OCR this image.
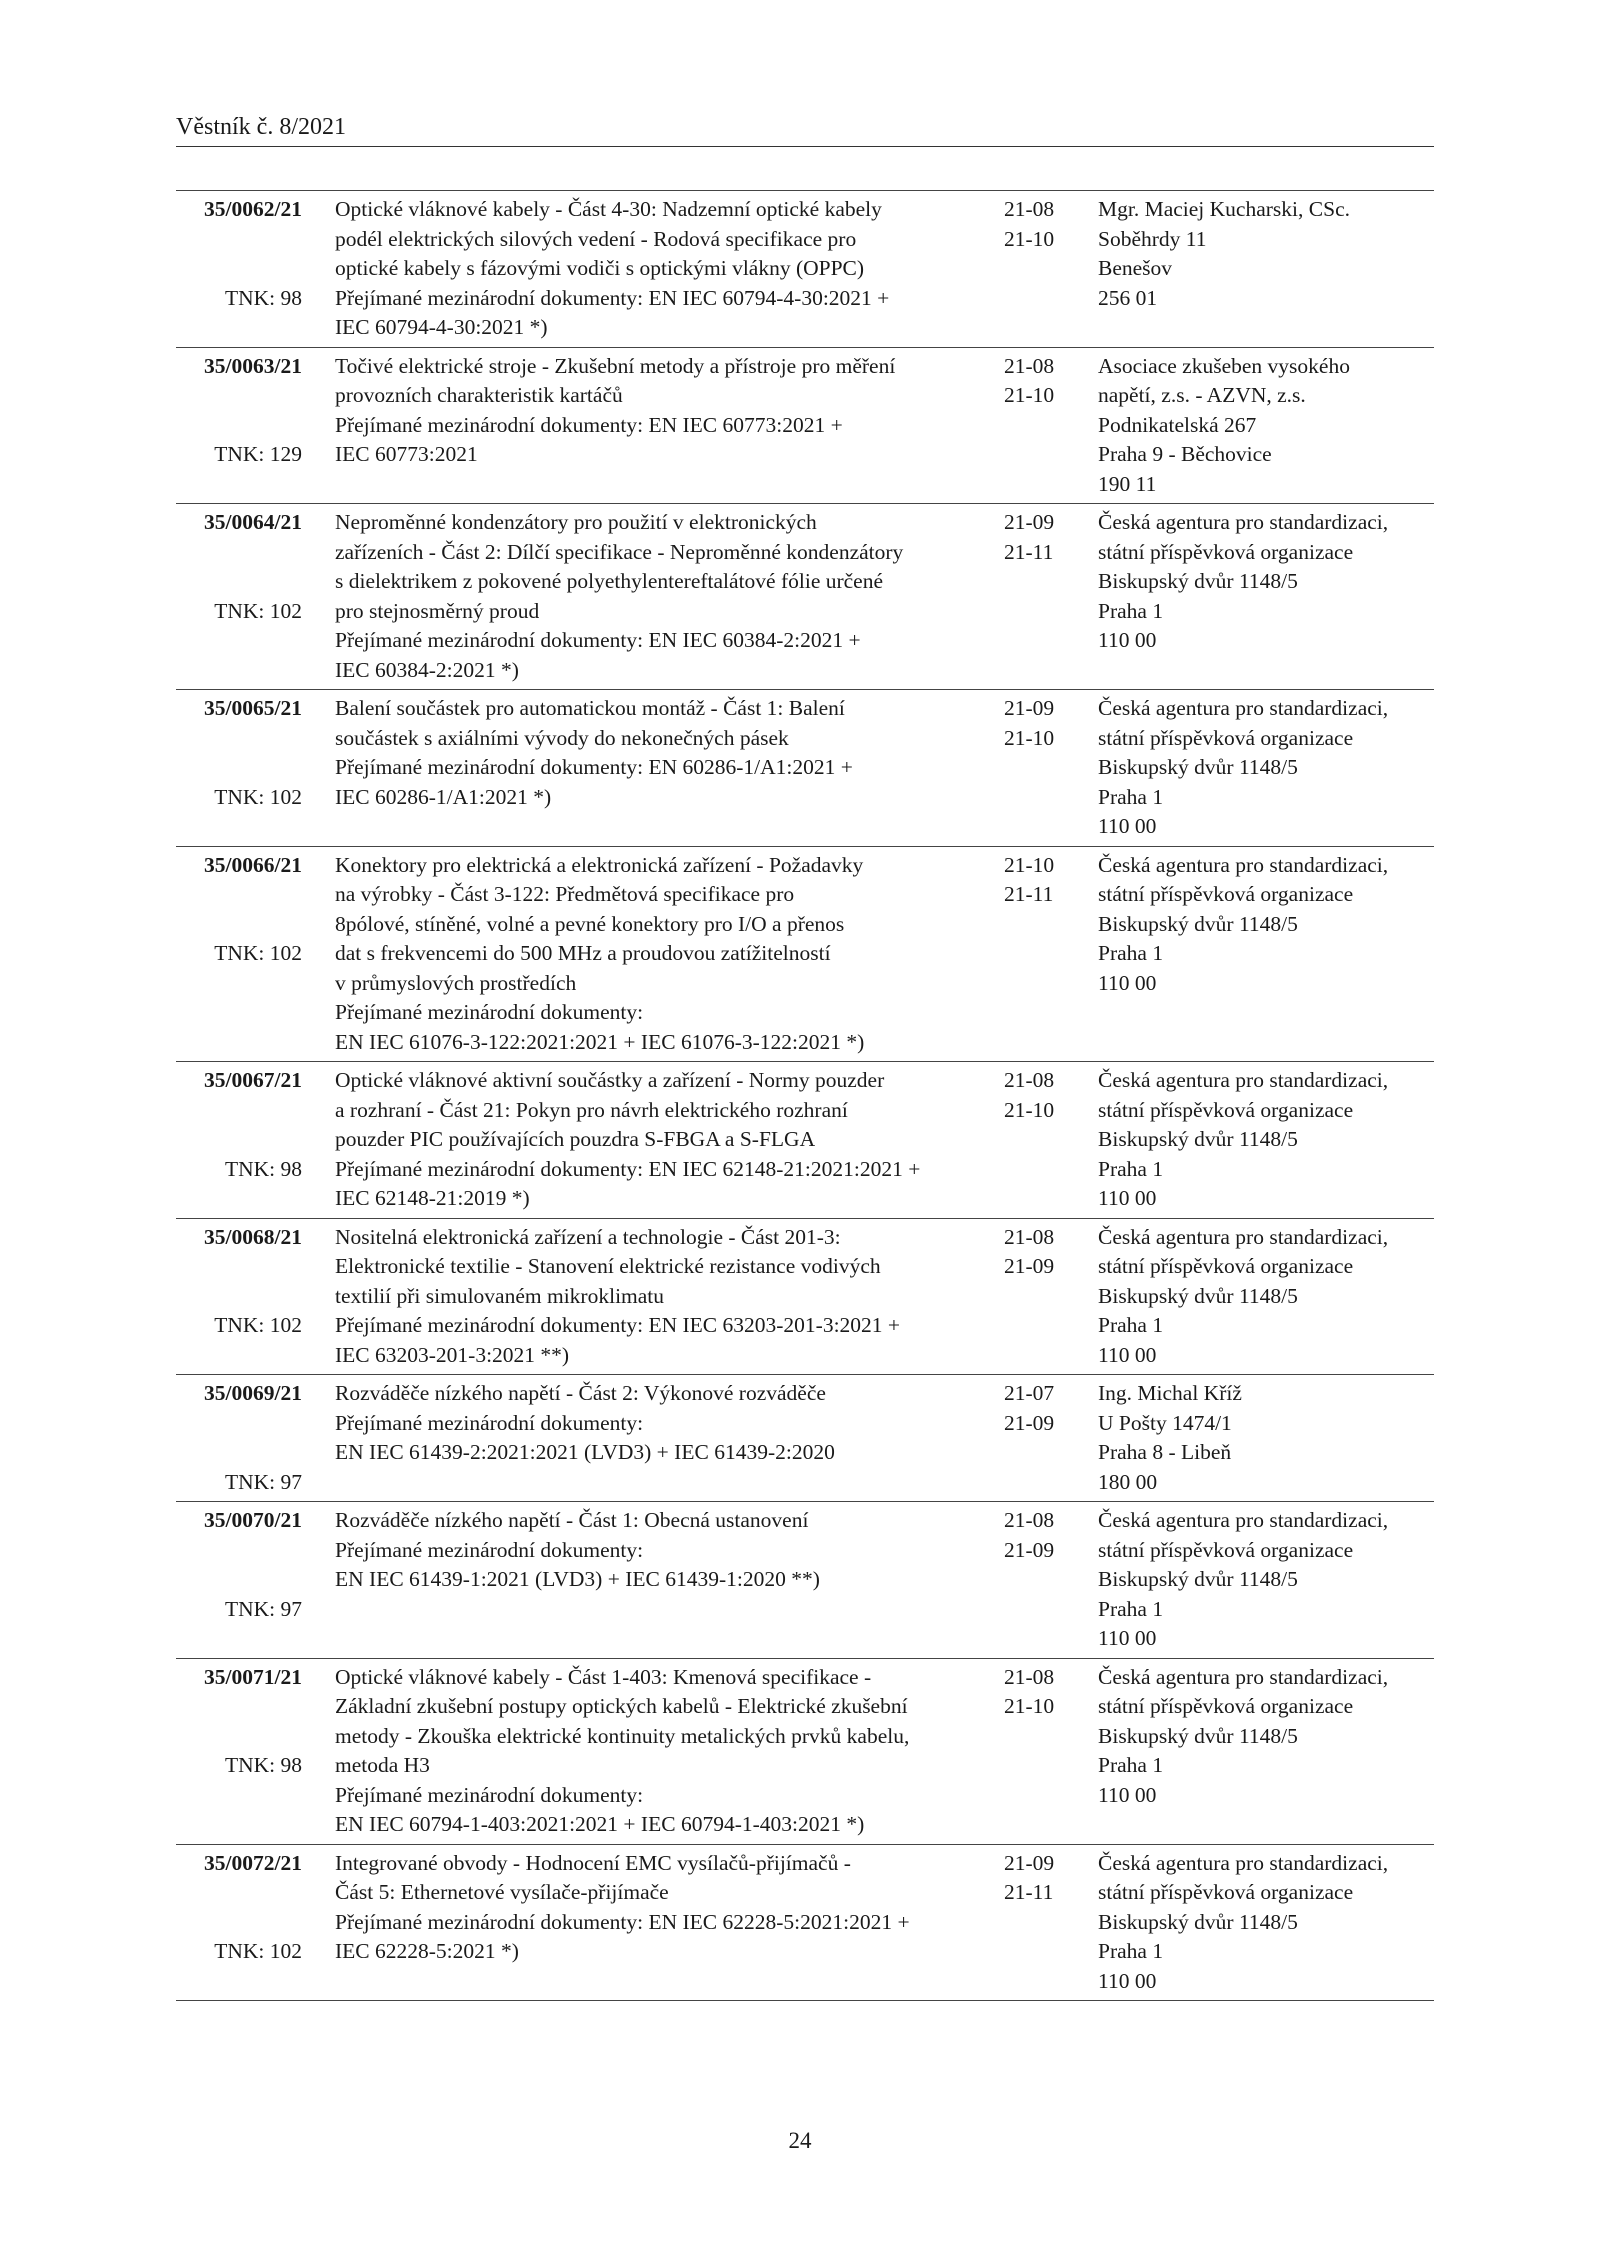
Věstník č. 8/2021
35/0062/21
TNK: 98
Optické vláknové kabely - Část 4-30: Nadzemní optické kabely
podél elektrických silových vedení - Rodová specifikace pro
optické kabely s fázovými vodiči s optickými vlákny (OPPC)
Přejímané mezinárodní dokumenty: EN IEC 60794-4-30:2021 +
IEC 60794-4-30:2021 *)
21-08
21-10
Mgr. Maciej Kucharski, CSc.
Soběhrdy 11
Benešov
256 01
35/0063/21
TNK: 129
Točivé elektrické stroje - Zkušební metody a přístroje pro měření
provozních charakteristik kartáčů
Přejímané mezinárodní dokumenty: EN IEC 60773:2021 +
IEC 60773:2021
21-08
21-10
Asociace zkušeben vysokého
napětí, z.s. - AZVN, z.s.
Podnikatelská 267
Praha 9 - Běchovice
190 11
35/0064/21
TNK: 102
Neproměnné kondenzátory pro použití v elektronických
zařízeních - Část 2: Dílčí specifikace - Neproměnné kondenzátory
s dielektrikem z pokovené polyethylentereftalátové fólie určené
pro stejnosměrný proud
Přejímané mezinárodní dokumenty: EN IEC 60384-2:2021 +
IEC 60384-2:2021 *)
21-09
21-11
Česká agentura pro standardizaci,
státní příspěvková organizace
Biskupský dvůr 1148/5
Praha 1
110 00
35/0065/21
TNK: 102
Balení součástek pro automatickou montáž - Část 1: Balení
součástek s axiálními vývody do nekonečných pásek
Přejímané mezinárodní dokumenty: EN 60286-1/A1:2021 +
IEC 60286-1/A1:2021 *)
21-09
21-10
Česká agentura pro standardizaci,
státní příspěvková organizace
Biskupský dvůr 1148/5
Praha 1
110 00
35/0066/21
TNK: 102
Konektory pro elektrická a elektronická zařízení - Požadavky
na výrobky - Část 3-122: Předmětová specifikace pro
8pólové, stíněné, volné a pevné konektory pro I/O a přenos
dat s frekvencemi do 500 MHz a proudovou zatížitelností
v průmyslových prostředích
Přejímané mezinárodní dokumenty:
EN IEC 61076-3-122:2021:2021 + IEC 61076-3-122:2021 *)
21-10
21-11
Česká agentura pro standardizaci,
státní příspěvková organizace
Biskupský dvůr 1148/5
Praha 1
110 00
35/0067/21
TNK: 98
Optické vláknové aktivní součástky a zařízení - Normy pouzder
a rozhraní - Část 21: Pokyn pro návrh elektrického rozhraní
pouzder PIC používajících pouzdra S-FBGA a S-FLGA
Přejímané mezinárodní dokumenty: EN IEC 62148-21:2021:2021 +
IEC 62148-21:2019 *)
21-08
21-10
Česká agentura pro standardizaci,
státní příspěvková organizace
Biskupský dvůr 1148/5
Praha 1
110 00
35/0068/21
TNK: 102
Nositelná elektronická zařízení a technologie - Část 201-3:
Elektronické textilie - Stanovení elektrické rezistance vodivých
textilií při simulovaném mikroklimatu
Přejímané mezinárodní dokumenty: EN IEC 63203-201-3:2021 +
IEC 63203-201-3:2021 **)
21-08
21-09
Česká agentura pro standardizaci,
státní příspěvková organizace
Biskupský dvůr 1148/5
Praha 1
110 00
35/0069/21
TNK: 97
Rozváděče nízkého napětí - Část 2: Výkonové rozváděče
Přejímané mezinárodní dokumenty:
EN IEC 61439-2:2021:2021 (LVD3) + IEC 61439-2:2020
21-07
21-09
Ing. Michal Kříž
U Pošty 1474/1
Praha 8 - Libeň
180 00
35/0070/21
TNK: 97
Rozváděče nízkého napětí - Část 1: Obecná ustanovení
Přejímané mezinárodní dokumenty:
EN IEC 61439-1:2021 (LVD3) + IEC 61439-1:2020 **)
21-08
21-09
Česká agentura pro standardizaci,
státní příspěvková organizace
Biskupský dvůr 1148/5
Praha 1
110 00
35/0071/21
TNK: 98
Optické vláknové kabely - Část 1-403: Kmenová specifikace -
Základní zkušební postupy optických kabelů - Elektrické zkušební
metody - Zkouška elektrické kontinuity metalických prvků kabelu,
metoda H3
Přejímané mezinárodní dokumenty:
EN IEC 60794-1-403:2021:2021 + IEC 60794-1-403:2021 *)
21-08
21-10
Česká agentura pro standardizaci,
státní příspěvková organizace
Biskupský dvůr 1148/5
Praha 1
110 00
35/0072/21
TNK: 102
Integrované obvody - Hodnocení EMC vysílačů-přijímačů -
Část 5: Ethernetové vysílače-přijímače
Přejímané mezinárodní dokumenty: EN IEC 62228-5:2021:2021 +
IEC 62228-5:2021 *)
21-09
21-11
Česká agentura pro standardizaci,
státní příspěvková organizace
Biskupský dvůr 1148/5
Praha 1
110 00
24
